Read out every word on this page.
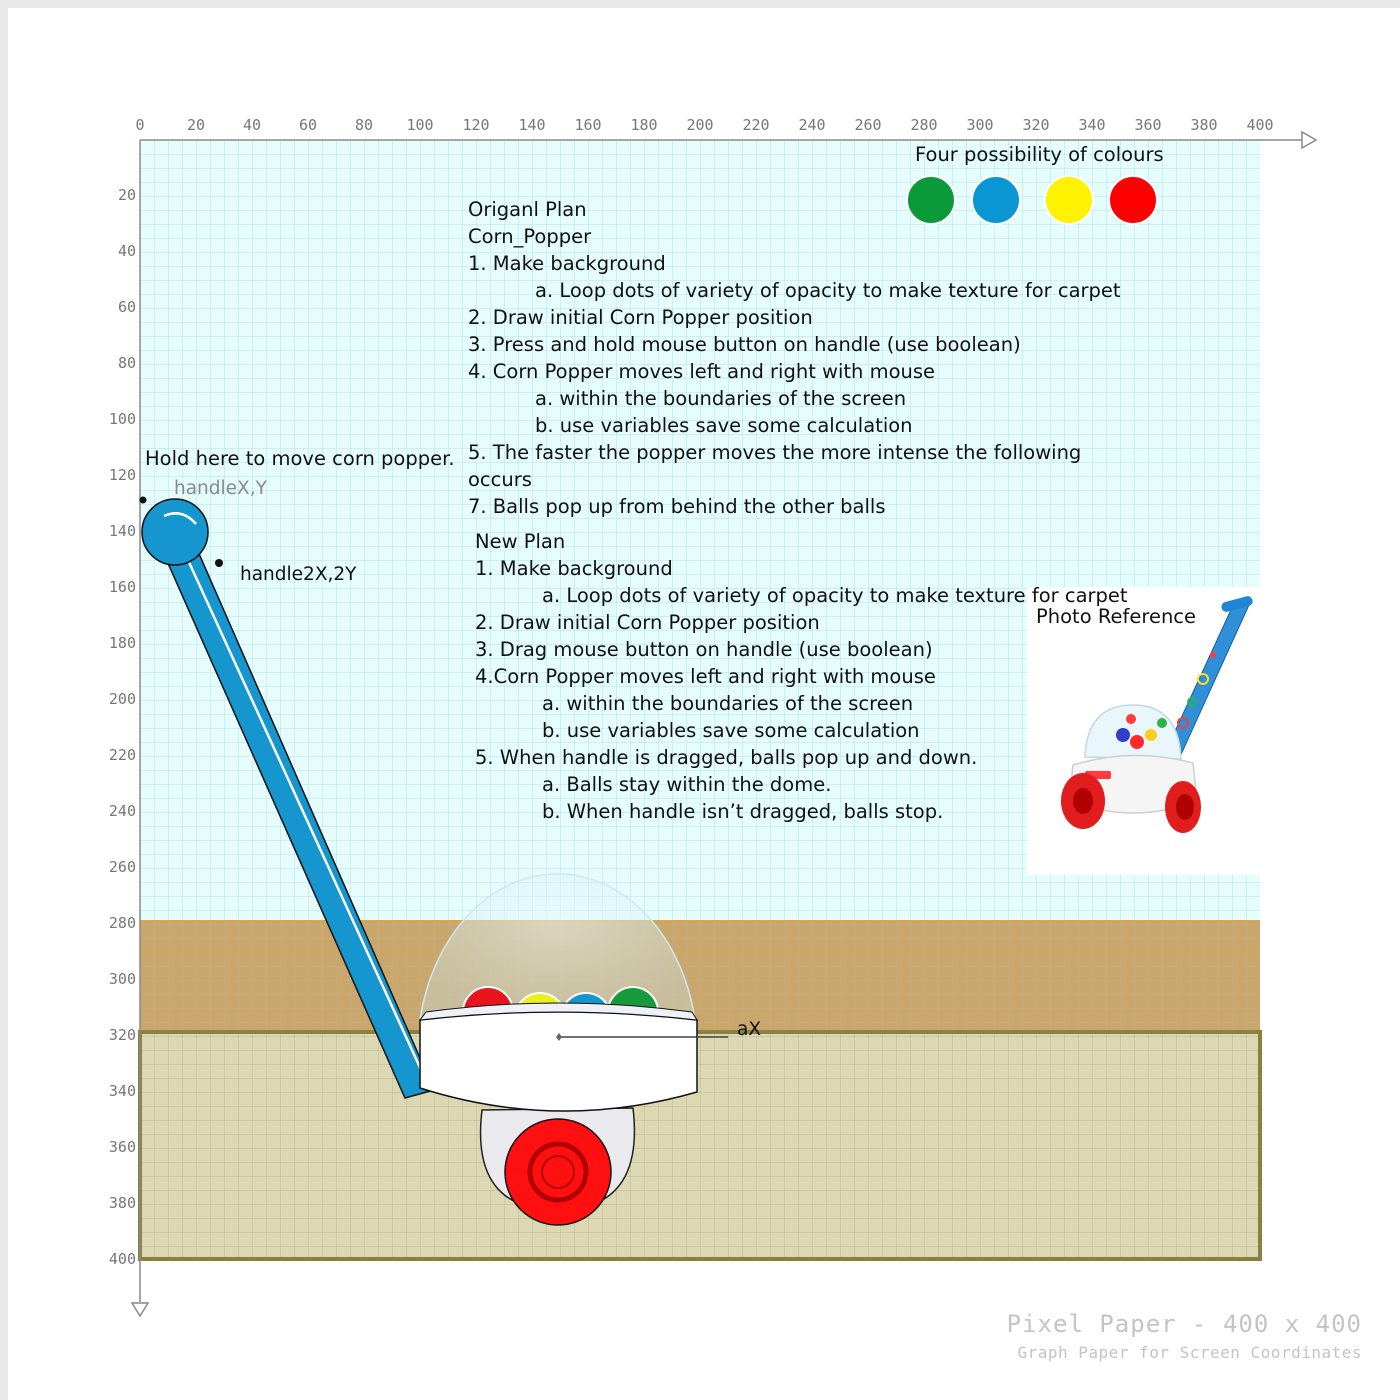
0	20	40	60	80	100	120	140	160	180	200	220	240	260	280	300	320	340	360	380	400
20
40
60
80
100
120
140
160
180
200
220
240
260
280
300
320
340
360
380
400
Four possibility of colours
Origanl Plan
Corn_Popper
1. Make background
a. Loop dots of variety of opacity to make texture for carpet
2. Draw initial Corn Popper position
3. Press and hold mouse button on handle (use boolean)
4. Corn Popper moves left and right with mouse
a. within the boundaries of the screen
b. use variables save some calculation
5. The faster the popper moves the more intense the following
occurs
7. Balls pop up from behind the other balls
New Plan
1. Make background
a. Loop dots of variety of opacity to make texture for carpet
2. Draw initial Corn Popper position
3. Drag mouse button on handle (use boolean)
4.Corn Popper moves left and right with mouse
a. within the boundaries of the screen
b. use variables save some calculation
5. When handle is dragged, balls pop up and down.
a. Balls stay within the dome.
b. When handle isn’t dragged, balls stop.
Hold here to move corn popper.
handleX,Y
handle2X,2Y
aX
Photo Reference
Pixel Paper - 400 x 400
Graph Paper for Screen Coordinates
